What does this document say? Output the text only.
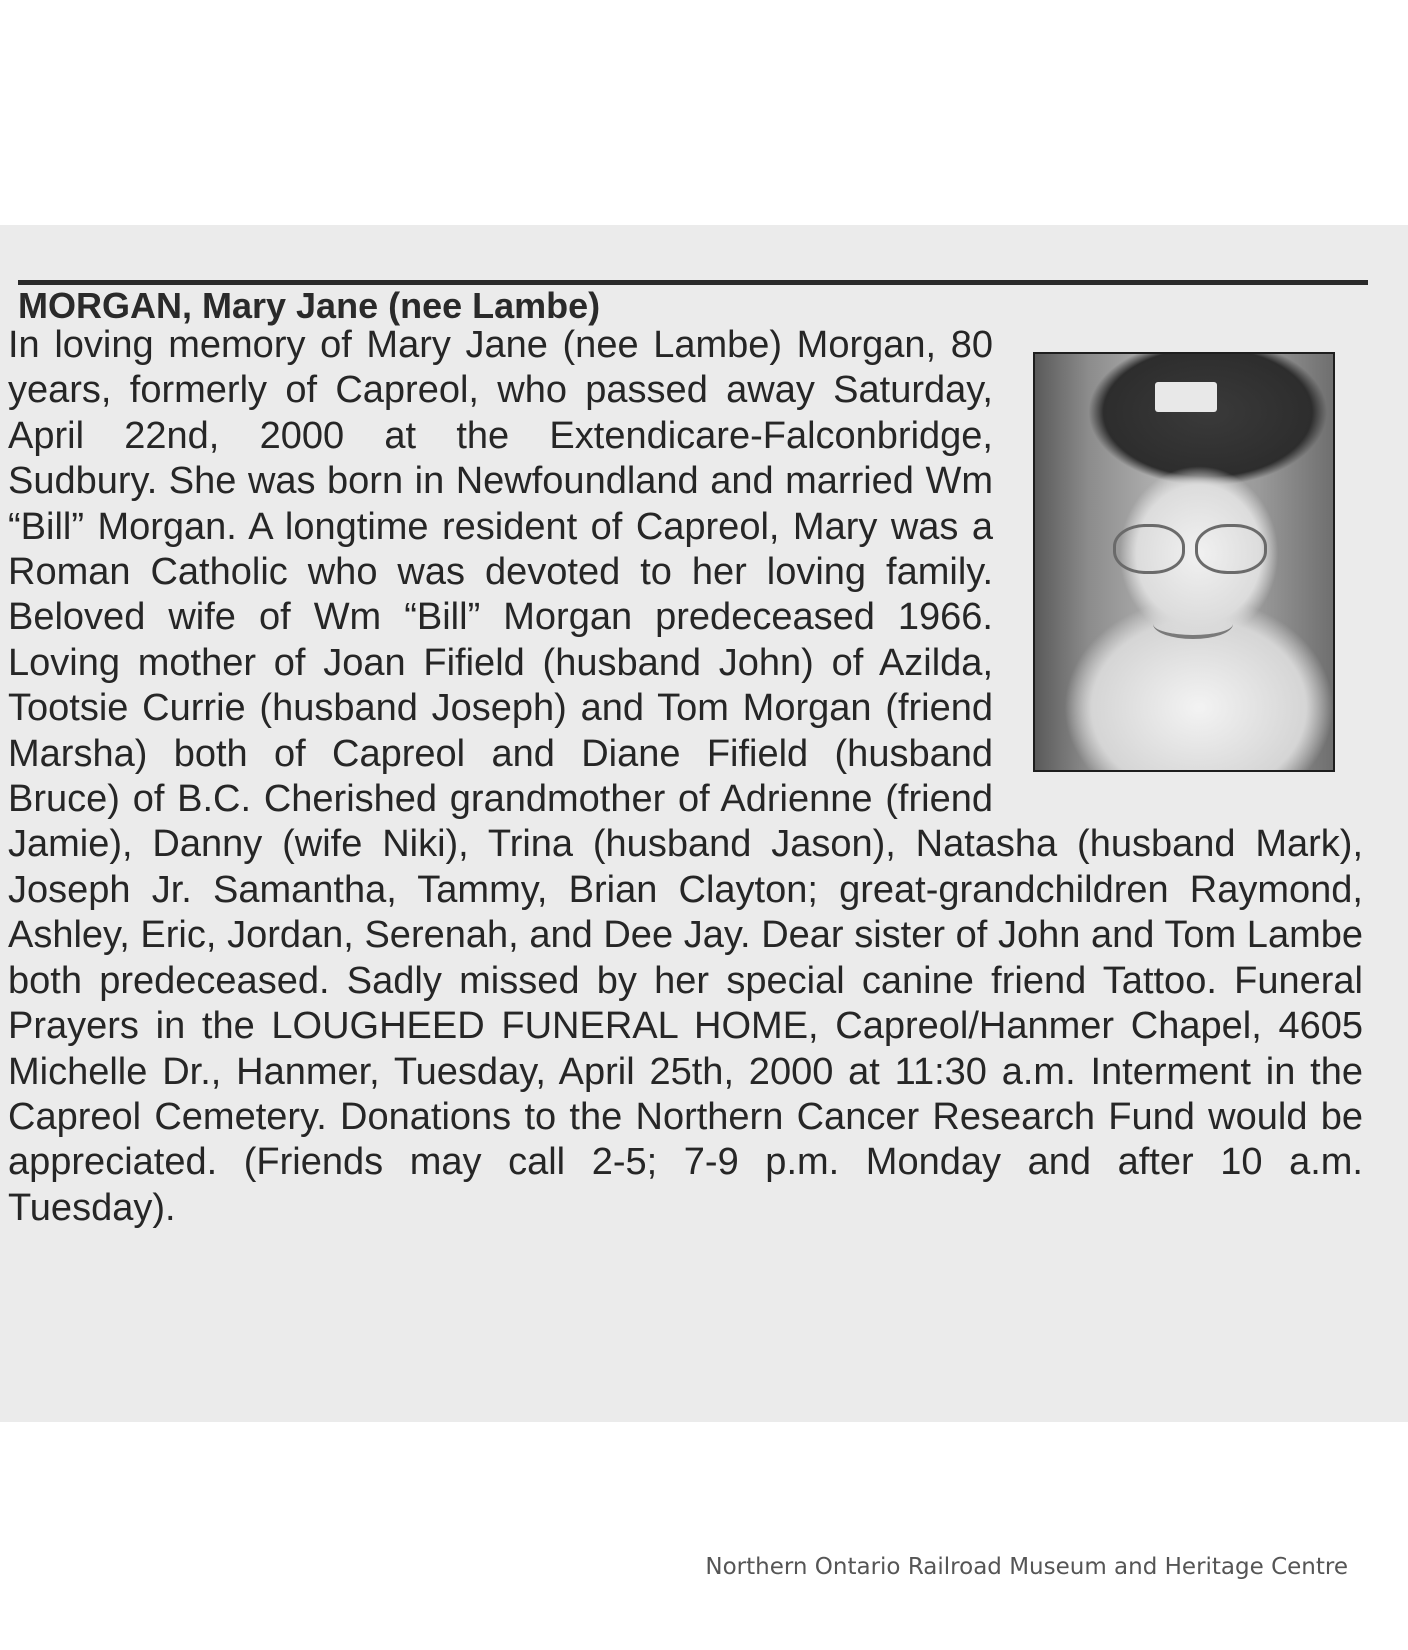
MORGAN, Mary Jane (nee Lambe)
In loving memory of Mary Jane (nee Lambe) Morgan, 80 years, formerly of Capreol, who passed away Saturday, April 22nd, 2000 at the Extendicare-Falconbridge, Sudbury. She was born in Newfoundland and married Wm “Bill” Morgan. A longtime resident of Capreol, Mary was a Roman Catholic who was devoted to her loving family. Beloved wife of Wm “Bill” Morgan predeceased 1966. Loving mother of Joan Fifield (husband John) of Azilda, Tootsie Currie (husband Joseph) and Tom Morgan (friend Marsha) both of Capreol and Diane Fifield (husband Bruce) of B.C. Cherished grandmother of Adrienne (friend Jamie), Danny (wife Niki), Trina (husband Jason), Natasha (husband Mark), Joseph Jr. Samantha, Tammy, Brian Clayton; great-grandchildren Raymond, Ashley, Eric, Jordan, Serenah, and Dee Jay. Dear sister of John and Tom Lambe both predeceased. Sadly missed by her special canine friend Tattoo. Funeral Prayers in the LOUGHEED FUNERAL HOME, Capreol/Hanmer Chapel, 4605 Michelle Dr., Hanmer, Tuesday, April 25th, 2000 at 11:30 a.m. Interment in the Capreol Cemetery. Donations to the Northern Cancer Research Fund would be appreciated. (Friends may call 2-5; 7-9 p.m. Monday and after 10 a.m. Tuesday).

Northern Ontario Railroad Museum and Heritage Centre
